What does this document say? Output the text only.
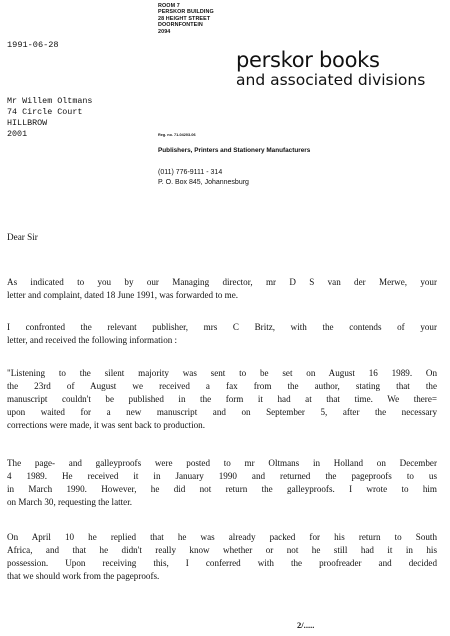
ROOM 7
PERSKOR BUILDING
28 HEIGHT STREET
DOORNFONTEIN
2094
perskor books
and associated divisions
Reg. no. 71-04203-06
Publishers, Printers and Stationery Manufacturers
(011) 776-9111 - 314
P. O. Box 845, Johannesburg
1991-06-28
Mr Willem Oltmans
74 Circle Court
HILLBROW
2001
Dear Sir
As indicated to you by our Managing director, mr D S van der Merwe, your
letter and complaint, dated 18 June 1991, was forwarded to me.
I confronted the relevant publisher, mrs C Britz, with the contends of your
letter, and received the following information :
"Listening to the silent majority was sent to be set on August 16 1989. On
the 23rd of August we received a fax from the author, stating that the
manuscript couldn't be published in the form it had at that time. We there=
upon waited for a new manuscript and on September 5, after the necessary
corrections were made, it was sent back to production.
The page- and galleyproofs were posted to mr Oltmans in Holland on December
4 1989. He received it in January 1990 and returned the pageproofs to us
in March 1990. However, he did not return the galleyproofs. I wrote to him
on March 30, requesting the latter.
On April 10 he replied that he was already packed for his return to South
Africa, and that he didn't really know whether or not he still had it in his
possession. Upon receiving this, I conferred with the proofreader and decided
that we should work from the pageproofs.
2/.....
